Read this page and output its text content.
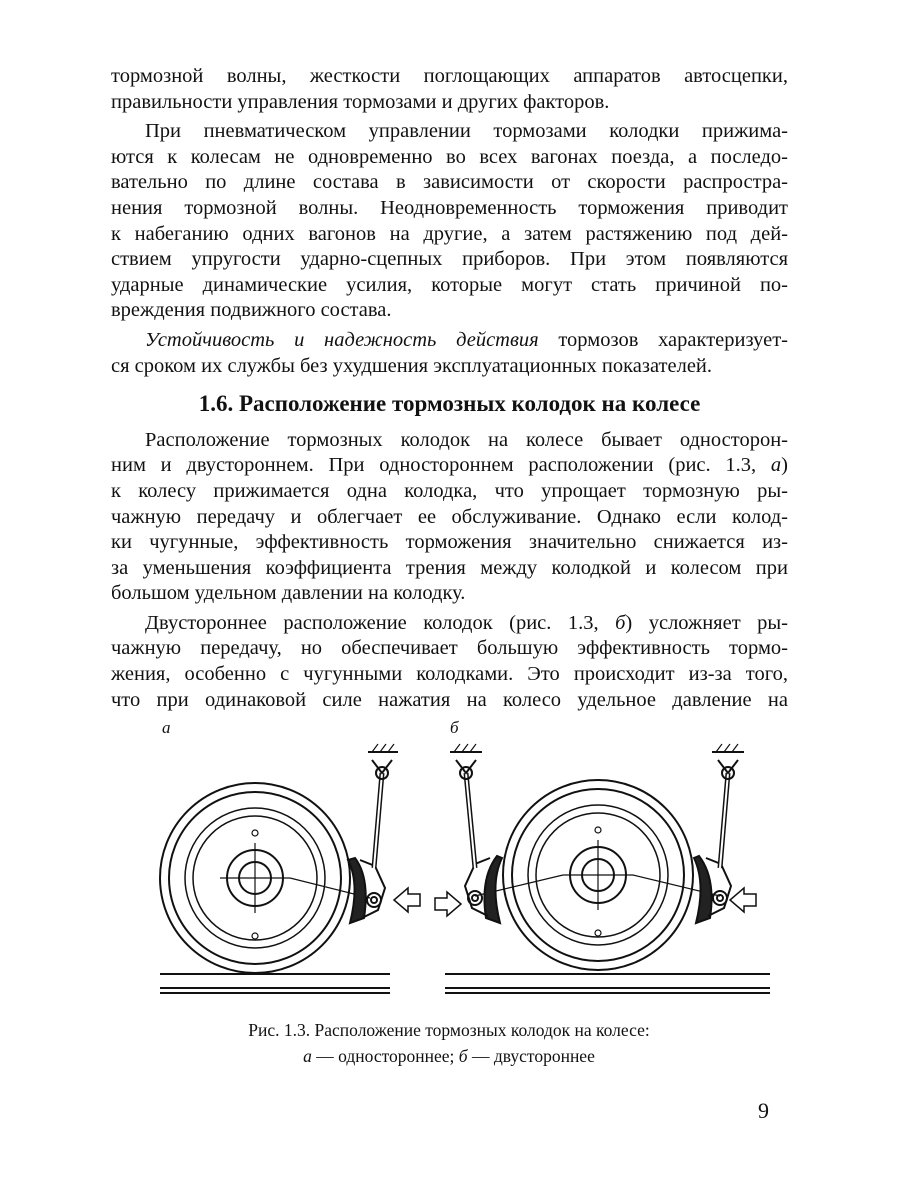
тормозной волны, жесткости поглощающих аппаратов автосцепки,
правильности управления тормозами и других факторов.

При пневматическом управлении тормозами колодки прижима-
ются к колесам не одновременно во всех вагонах поезда, а последо-
вательно по длине состава в зависимости от скорости распростра-
нения тормозной волны. Неодновременность торможения приводит
к набеганию одних вагонов на другие, а затем растяжению под дей-
ствием упругости ударно-сцепных приборов. При этом появляются
ударные динамические усилия, которые могут стать причиной по-
вреждения подвижного состава.

Устойчивость и надежность действия тормозов характеризует-
ся сроком их службы без ухудшения эксплуатационных показателей.

1.6. Расположение тормозных колодок на колесе

Расположение тормозных колодок на колесе бывает односторон-
ним и двустороннем. При одностороннем расположении (рис. 1.3, а)
к колесу прижимается одна колодка, что упрощает тормозную ры-
чажную передачу и облегчает ее обслуживание. Однако если колод-
ки чугунные, эффективность торможения значительно снижается из-
за уменьшения коэффициента трения между колодкой и колесом при
большом удельном давлении на колодку.

Двустороннее расположение колодок (рис. 1.3, б) усложняет ры-
чажную передачу, но обеспечивает большую эффективность тормо-
жения, особенно с чугунными колодками. Это происходит из-за того,
что при одинаковой силе нажатия на колесо удельное давление на

а	б
Рис. 1.3. Расположение тормозных колодок на колесе:
а — одностороннее; б — двустороннее
9
